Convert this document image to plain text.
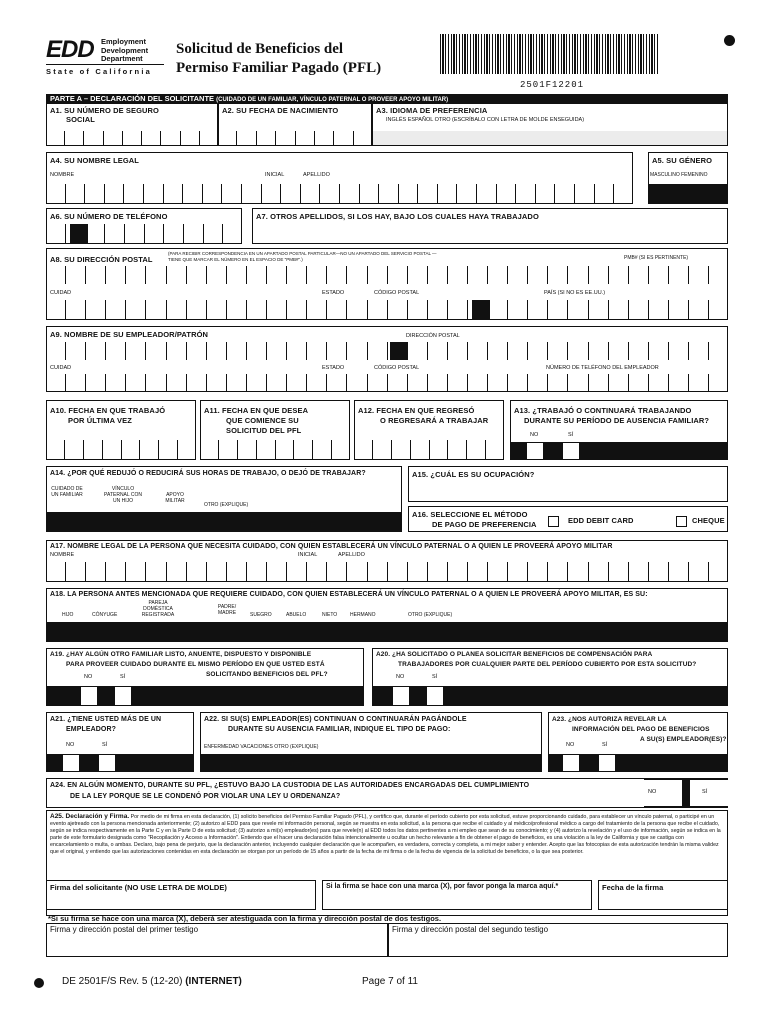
EDD Employment
Development
Department
State of California
Solicitud de Beneficios del
Permiso Familiar Pagado (PFL)
2501F12201
PARTE A – DECLARACIÓN DEL SOLICITANTE (CUIDADO DE UN FAMILIAR, VÍNCULO PATERNAL O PROVEER APOYO MILITAR)
A1. SU NÚMERO DE SEGURO
SOCIAL
A2. SU FECHA DE NACIMIENTO	A3. IDIOMA DE PREFERENCIA
INGLÉS ESPAÑOL OTRO (ESCRÍBALO CON LETRA DE MOLDE ENSEGUIDA)
A4. SU NOMBRE LEGAL
NOMBRE	INICIAL	APELLIDO
A5. SU GÉNERO
MASCULINO FEMENINO
A6. SU NÚMERO DE TELÉFONO	A7. OTROS APELLIDOS, SI LOS HAY, BAJO LOS CUALES HAYA TRABAJADO
A8. SU DIRECCIÓN POSTAL
(PARA RECIBIR CORRESPONDENCIA EN UN APARTADO POSTAL PARTICULAR—NO UN APARTADO DEL SERVICIO POSTAL —
TIENE QUE MARCAR EL NÚMERO EN EL ESPACIO DE "PMB#".)	PMB# (SI ES PERTINENTE)
CUIDAD	ESTADO	CÓDIGO POSTAL	PAÍS (SI NO ES EE.UU.)
A9. NOMBRE DE SU EMPLEADOR/PATRÓN	DIRECCIÓN POSTAL
CUIDAD	ESTADO	CÓDIGO POSTAL	NÚMERO DE TELÉFONO DEL EMPLEADOR
A10. FECHA EN QUE TRABAJÓ
POR ÚLTIMA VEZ
A11. FECHA EN QUE DESEA
QUE COMIENCE SU
SOLICITUD DEL PFL
A12. FECHA EN QUE REGRESÓ
O REGRESARÁ A TRABAJAR
A13. ¿TRABAJÓ O CONTINUARÁ TRABAJANDO
DURANTE SU PERÍODO DE AUSENCIA FAMILIAR?
NO	SÍ
A14. ¿POR QUÉ REDUJÓ O REDUCIRÁ SUS HORAS DE TRABAJO, O DEJÓ DE TRABAJAR?
CUIDADO DE UN FAMILIAR
VÍNCULO PATERNAL CON UN HIJO
APOYO MILITAR
OTRO (EXPLIQUE)
A15. ¿CUÁL ES SU OCUPACIÓN?
A16. SELECCIONE EL MÉTODO
DE PAGO DE PREFERENCIA	EDD DEBIT CARD	CHEQUE
A17. NOMBRE LEGAL DE LA PERSONA QUE NECESITA CUIDADO, CON QUIEN ESTABLECERÁ UN VÍNCULO PATERNAL O A QUIEN LE PROVEERÁ APOYO MILITAR
NOMBRE	INICIAL	APELLIDO
A18. LA PERSONA ANTES MENCIONADA QUE REQUIERE CUIDADO, CON QUIEN ESTABLECERÁ UN VÍNCULO PATERNAL O A QUIEN LE PROVEERÁ APOYO MILITAR, ES SU:
HIJO	CÓNYUGE
PAREJA DOMÉSTICA REGISTRADA
PADRE/ MADRE	SUEGRO	ABUELO	NIETO	HERMANO	OTRO (EXPLIQUE)
A19. ¿HAY ALGÚN OTRO FAMILIAR LISTO, ANUENTE, DISPUESTO Y DISPONIBLE
PARA PROVEER CUIDADO DURANTE EL MISMO PERÍODO EN QUE USTED ESTÁ
SOLICITANDO BENEFICIOS DEL PFL?
NO	SÍ
A20. ¿HA SOLICITADO O PLANEA SOLICITAR BENEFICIOS DE COMPENSACIÓN PARA
TRABAJADORES POR CUALQUIER PARTE DEL PERÍODO CUBIERTO POR ESTA SOLICITUD?
NO	SÍ
A21. ¿TIENE USTED MÁS DE UN
EMPLEADOR?
NO	SÍ
A22. SI SU(S) EMPLEADOR(ES) CONTINUAN O CONTINUARÁN PAGÁNDOLE
DURANTE SU AUSENCIA FAMILIAR, INDIQUE EL TIPO DE PAGO:
ENFERMEDAD VACACIONES OTRO (EXPLIQUE)
A23. ¿NOS AUTORIZA REVELAR LA
INFORMACIÓN DEL PAGO DE BENEFICIOS
A SU(S) EMPLEADOR(ES)?
NO	SÍ
A24. EN ALGÚN MOMENTO, DURANTE SU PFL, ¿ESTUVO BAJO LA CUSTODIA DE LAS AUTORIDADES ENCARGADAS DEL CUMPLIMIENTO
DE LA LEY PORQUE SE LE CONDENÓ POR VIOLAR UNA LEY U ORDENANZA?
NO	SÍ
A25. Declaración y Firma. Por medio de mi firma en esta declaración, (1) solicito beneficios del Permiso Familiar Pagado (PFL), y certifico que, durante el período cubierto por esta solicitud, estuve proporcionando cuidado, para establecer un vínculo paternal, o participé en un evento ajetreado con la persona mencionada anteriormente; (2) autorizo al EDD para que revele mi información personal, según se muestra en esta solicitud, a la persona que recibe el cuidado y al médico/profesional médico a cargo del tratamiento de la persona que recibe el cuidado, según se indica respectivamente en la Parte C y en la Parte D de esta solicitud; (3) autorizo a mi(s) empleador(es) para que revele(n) al EDD todos los datos pertinentes a mi empleo que sean de su conocimiento; y (4) autorizo la revelación y el uso de información, según se indica en la parte de este formulario designada como "Recopilación y Acceso a Información". Entiendo que el hacer una declaración falsa intencionalmente u ocultar un hecho relevante a fin de obtener el pago de beneficios, es una violación a la ley de California y que se castiga con encarcelamiento o multa, o ambas. Declaro, bajo pena de perjurio, que la declaración anterior, incluyendo cualquier declaración que le acompañen, es verdadera, correcta y completa, a mi mejor saber y entender. Acepto que las fotocopias de esta autorización tendrán la misma validez que el original, y entiendo que las autorizaciones contenidas en esta declaración se otorgan por un período de 15 años a partir de la fecha de mi firma o de la fecha de vigencia de la solicitud de beneficios, o la que sea posterior.
Firma del solicitante (NO USE LETRA DE MOLDE)	Si la firma se hace con una marca (X), por favor ponga la marca aquí.*	Fecha de la firma
*Si su firma se hace con una marca (X), deberá ser atestiguada con la firma y dirección postal de dos testigos.
Firma y dirección postal del primer testigo	Firma y dirección postal del segundo testigo
DE 2501F/S Rev. 5 (12-20) (INTERNET)	Page 7 of 11
